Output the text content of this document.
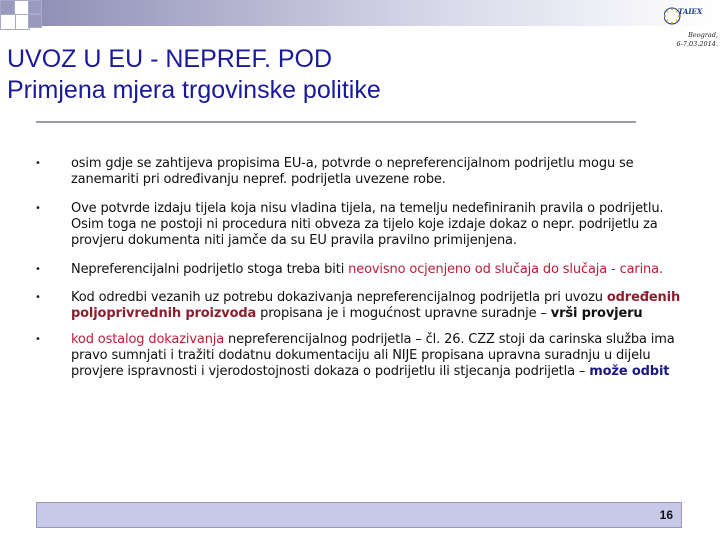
TAIEX
Beograd,
6-7.03.2014.
UVOZ U EU - NEPREF. POD
Primjena mjera trgovinske politike
• osim gdje se zahtijeva propisima EU-a, potvrde o nepreferencijalnom podrijetlu mogu se zanemariti pri određivanju nepref. podrijetla uvezene robe.
• Ove potvrde izdaju tijela koja nisu vladina tijela, na temelju nedefiniranih pravila o podrijetlu. Osim toga ne postoji ni procedura niti obveza za tijelo koje izdaje dokaz o nepr. podrijetlu za provjeru dokumenta niti jamče da su EU pravila pravilno primijenjena.
• Nepreferencijalni podrijetlo stoga treba biti neovisno ocjenjeno od slučaja do slučaja - carina.
• Kod odredbi vezanih uz potrebu dokazivanja nepreferencijalnog podrijetla pri uvozu određenih poljoprivrednih proizvoda propisana je i mogućnost upravne suradnje – vrši provjeru
• kod ostalog dokazivanja nepreferencijalnog podrijetla – čl. 26. CZZ stoji da carinska služba ima pravo sumnjati i tražiti dodatnu dokumentaciju ali NIJE propisana upravna suradnju u dijelu provjere ispravnosti i vjerodostojnosti dokaza o podrijetlu ili stjecanja podrijetla – može odbit
16
